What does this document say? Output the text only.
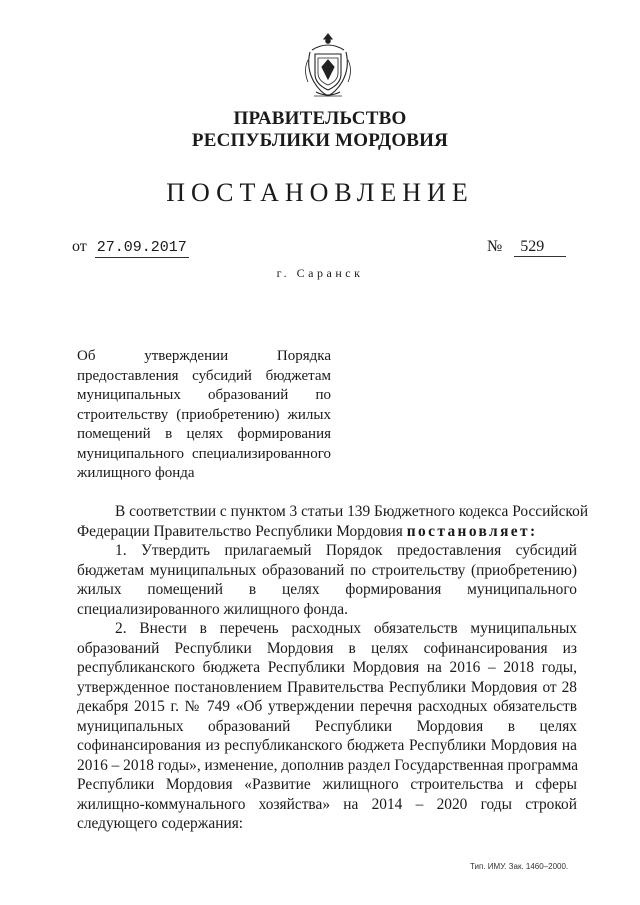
ПРАВИТЕЛЬСТВО
РЕСПУБЛИКИ МОРДОВИЯ
ПОСТАНОВЛЕНИЕ
от 27.09.2017	№ 529
г. Саранск
Об утверждении Порядка
предоставления субсидий бюджетам
муниципальных образований по
строительству (приобретению) жилых
помещений в целях формирования
муниципального специализированного
жилищного фонда
В соответствии с пунктом 3 статьи 139 Бюджетного кодекса Российской
Федерации Правительство Республики Мордовия постановляет:
1. Утвердить прилагаемый Порядок предоставления субсидий
бюджетам муниципальных образований по строительству (приобретению)
жилых помещений в целях формирования муниципального
специализированного жилищного фонда.
2. Внести в перечень расходных обязательств муниципальных
образований Республики Мордовия в целях софинансирования из
республиканского бюджета Республики Мордовия на 2016 – 2018 годы,
утвержденное постановлением Правительства Республики Мордовия от 28
декабря 2015 г. № 749 «Об утверждении перечня расходных обязательств
муниципальных образований Республики Мордовия в целях
софинансирования из республиканского бюджета Республики Мордовия на
2016 – 2018 годы», изменение, дополнив раздел Государственная программа
Республики Мордовия «Развитие жилищного строительства и сферы
жилищно-коммунального хозяйства» на 2014 – 2020 годы строкой
следующего содержания:
Тип. ИМУ. Зак. 1460–2000.
